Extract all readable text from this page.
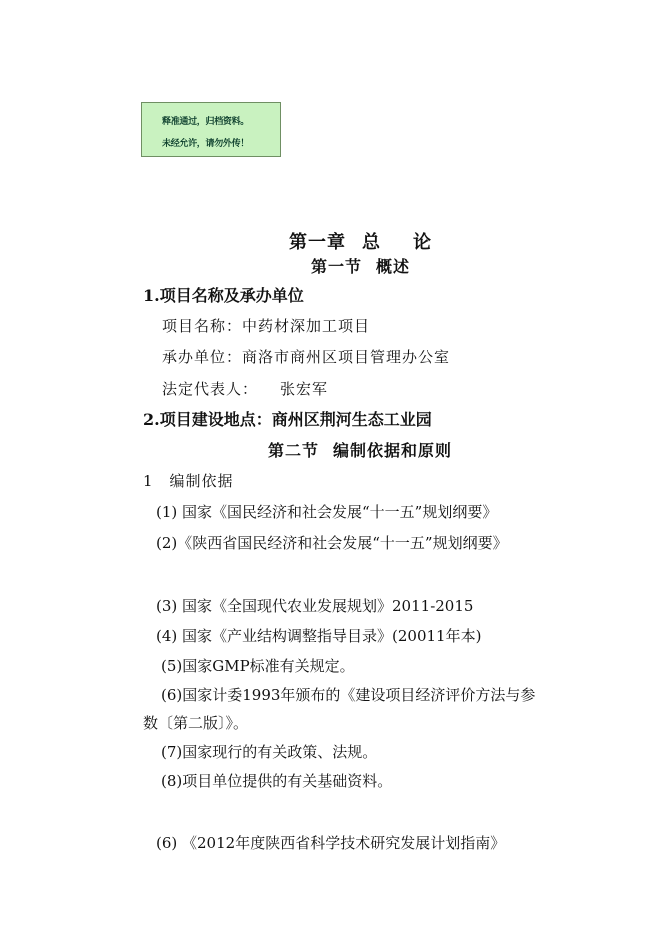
释准通过，归档资料。
未经允许，请勿外传！
第一章 总 论
第一节 概述
1.项目名称及承办单位
项目名称：中药材深加工项目
承办单位：商洛市商州区项目管理办公室
法定代表人： 张宏军
2.项目建设地点：商州区荆河生态工业园
第二节 编制依据和原则
1　编制依据
(1) 国家《国民经济和社会发展“十一五”规划纲要》
(2)《陕西省国民经济和社会发展“十一五”规划纲要》
(3) 国家《全国现代农业发展规划》2011-2015
(4) 国家《产业结构调整指导目录》(20011年本)
(5)国家GMP标准有关规定。
(6)国家计委1993年颁布的《建设项目经济评价方法与参
数〔第二版〕》。
(7)国家现行的有关政策、法规。
(8)项目单位提供的有关基础资料。
(6) 《2012年度陕西省科学技术研究发展计划指南》
